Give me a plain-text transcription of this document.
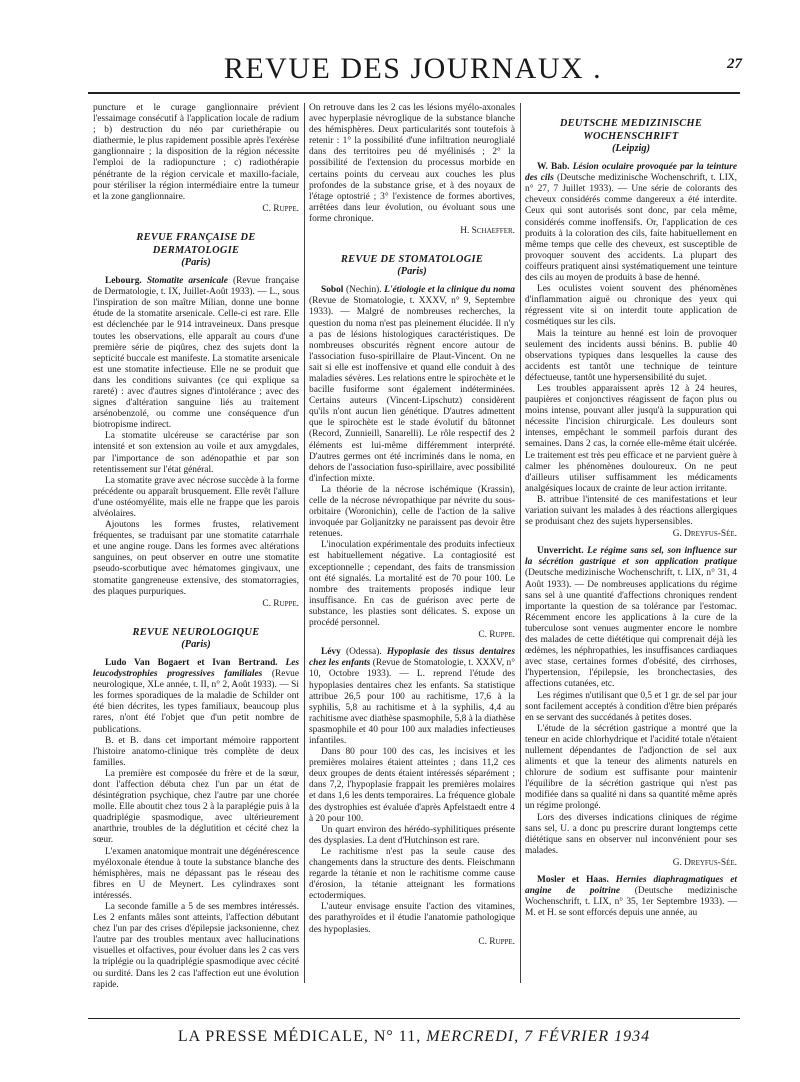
REVUE DES JOURNAUX .	27

puncture et le curage ganglionnaire prévient l'essaimage consécutif à l'application locale de radium ; b) destruction du néo par curiethérapie ou diathermie, le plus rapidement possible après l'exérèse ganglionnaire ; la disposition de la région nécessite l'emploi de la radiopuncture ; c) radiothérapie pénétrante de la région cervicale et maxillo-faciale, pour stériliser la région intermédiaire entre la tumeur et la zone ganglionnaire.

C. Ruppe.
REVUE FRANÇAISE DE DERMATOLOGIE
(Paris)

Lebourg. Stomatite arsenicale (Revue française de Dermatologie, t. IX, Juillet-Août 1933). — L., sous l'inspiration de son maître Milian, donne une bonne étude de la stomatite arsenicale. Celle-ci est rare. Elle est déclenchée par le 914 intraveineux. Dans presque toutes les observations, elle apparaît au cours d'une première série de piqûres, chez des sujets dont la septicité buccale est manifeste. La stomatite arsenicale est une stomatite infectieuse. Elle ne se produit que dans les conditions suivantes (ce qui explique sa rareté) : avec d'autres signes d'intolérance ; avec des signes d'altération sanguine liés au traitement arsénobenzolé, ou comme une conséquence d'un biotropisme indirect.

La stomatite ulcéreuse se caractérise par son intensité et son extension au voile et aux amygdales, par l'importance de son adénopathie et par son retentissement sur l'état général.

La stomatite grave avec nécrose succède à la forme précédente ou apparaît brusquement. Elle revêt l'allure d'une ostéomyélite, mais elle ne frappe que les parois alvéolaires.

Ajoutons les formes frustes, relativement fréquentes, se traduisant par une stomatite catarrhale et une angine rouge. Dans les formes avec altérations sanguines, on peut observer en outre une stomatite pseudo-scorbutique avec hématomes gingivaux, une stomatite gangreneuse extensive, des stomatorragies, des plaques purpuriques.

C. Ruppe.
REVUE NEUROLOGIQUE
(Paris)

Ludo Van Bogaert et Ivan Bertrand. Les leucodystrophies progressives familiales (Revue neurologique, XLe année, t. II, n° 2, Août 1933). — Si les formes sporadiques de la maladie de Schilder ont été bien décrites, les types familiaux, beaucoup plus rares, n'ont été l'objet que d'un petit nombre de publications.

B. et B. dans cet important mémoire rapportent l'histoire anatomo-clinique très complète de deux familles.

La première est composée du frère et de la sœur, dont l'affection débuta chez l'un par un état de désintégration psychique, chez l'autre par une chorée molle. Elle aboutit chez tous 2 à la paraplégie puis à la quadriplégie spasmodique, avec ultérieurement anarthrie, troubles de la déglutition et cécité chez la sœur.

L'examen anatomique montrait une dégénérescence myéloxonale étendue à toute la substance blanche des hémisphères, mais ne dépassant pas le réseau des fibres en U de Meynert. Les cylindraxes sont intéressés.

La seconde famille a 5 de ses membres intéressés. Les 2 enfants mâles sont atteints, l'affection débutant chez l'un par des crises d'épilepsie jacksonienne, chez l'autre par des troubles mentaux avec hallucinations visuelles et olfactives, pour évoluer dans les 2 cas vers la triplégie ou la quadriplégie spasmodique avec cécité ou surdité. Dans les 2 cas l'affection eut une évolution rapide.

On retrouve dans les 2 cas les lésions myélo-axonales avec hyperplasie névroglique de la substance blanche des hémisphères. Deux particularités sont toutefois à retenir : 1° la possibilité d'une infiltration neuroglialé dans des territoires peu dé myélinisés ; 2° la possibilité de l'extension du processus morbide en certains points du cerveau aux couches les plus profondes de la substance grise, et à des noyaux de l'étage optostrié ; 3° l'existence de formes abortives, arrêtées dans leur évolution, ou évoluant sous une forme chronique.

H. Schaeffer.
REVUE DE STOMATOLOGIE
(Paris)

Sobol (Nechin). L'étiologie et la clinique du noma (Revue de Stomatologie, t. XXXV, n° 9, Septembre 1933). — Malgré de nombreuses recherches, la question du noma n'est pas pleinement élucidée. Il n'y a pas de lésions histologiques caractéristiques. De nombreuses obscurités règnent encore autour de l'association fuso-spirillaire de Plaut-Vincent. On ne sait si elle est inoffensive et quand elle conduit à des maladies sévères. Les relations entre le spirochète et le bacille fusiforme sont également indéterminées. Certains auteurs (Vincent-Lipschutz) considèrent qu'ils n'ont aucun lien génétique. D'autres admettent que le spirochète est le stade évolutif du bâtonnet (Record, Zunnieill, Sanarelli). Le rôle respectif des 2 éléments est lui-même différemment interprété. D'autres germes ont été incriminés dans le noma, en dehors de l'association fuso-spirillaire, avec possibilité d'infection mixte.

La théorie de la nécrose ischémique (Krassin), celle de la nécrose névropathique par névrite du sous-orbitaire (Woronichin), celle de l'action de la salive invoquée par Goljanitzky ne paraissent pas devoir être retenues.

L'inoculation expérimentale des produits infectieux est habituellement négative. La contagiosité est exceptionnelle ; cependant, des faits de transmission ont été signalés. La mortalité est de 70 pour 100. Le nombre des traitements proposés indique leur insuffisance. En cas de guérison avec perte de substance, les plasties sont délicates. S. expose un procédé personnel.

C. Ruppe.

Lévy (Odessa). Hypoplasie des tissus dentaires chez les enfants (Revue de Stomatologie, t. XXXV, n° 10, Octobre 1933). — L. reprend l'étude des hypoplasies dentaires chez les enfants. Sa statistique attribue 26,5 pour 100 au rachitisme, 17,6 à la syphilis, 5,8 au rachitisme et à la syphilis, 4,4 au rachitisme avec diathèse spasmophile, 5,8 à la diathèse spasmophile et 40 pour 100 aux maladies infectieuses infantiles.

Dans 80 pour 100 des cas, les incisives et les premières molaires étaient atteintes ; dans 11,2 ces deux groupes de dents étaient intéressés séparément ; dans 7,2, l'hypoplasie frappait les premières molaires et dans 1,6 les dents temporaires. La fréquence globale des dystrophies est évaluée d'après Apfelstaedt entre 4 à 20 pour 100.

Un quart environ des hérédo-syphilitiques présente des dysplasies. La dent d'Hutchinson est rare.

Le rachitisme n'est pas la seule cause des changements dans la structure des dents. Fleischmann regarde la tétanie et non le rachitisme comme cause d'érosion, la tétanie atteignant les formations ectodermiques.

L'auteur envisage ensuite l'action des vitamines, des parathyroïdes et il étudie l'anatomie pathologique des hypoplasies.

C. Ruppe.
DEUTSCHE MEDIZINISCHE WOCHENSCHRIFT
(Leipzig)

W. Bab. Lésion oculaire provoquée par la teinture des cils (Deutsche medizinische Wochenschrift, t. LIX, n° 27, 7 Juillet 1933). — Une série de colorants des cheveux considérés comme dangereux a été interdite. Ceux qui sont autorisés sont donc, par cela même, considérés comme inoffensifs. Or, l'application de ces produits à la coloration des cils, faite habituellement en même temps que celle des cheveux, est susceptible de provoquer souvent des accidents. La plupart des coiffeurs pratiquent ainsi systématiquement une teinture des cils au moyen de produits à base de henné.

Les oculistes voient souvent des phénomènes d'inflammation aiguë ou chronique des yeux qui régressent vite si on interdit toute application de cosmétiques sur les cils.

Mais la teinture au henné est loin de provoquer seulement des incidents aussi bénins. B. publie 40 observations typiques dans lesquelles la cause des accidents est tantôt une technique de teinture défectueuse, tantôt une hypersensibilité du sujet.

Les troubles apparaissent après 12 à 24 heures, paupières et conjonctives réagissent de façon plus ou moins intense, pouvant aller jusqu'à la suppuration qui nécessite l'incision chirurgicale. Les douleurs sont intenses, empêchant le sommeil parfois durant des semaines. Dans 2 cas, la cornée elle-même était ulcérée. Le traitement est très peu efficace et ne parvient guère à calmer les phénomènes douloureux. On ne peut d'ailleurs utiliser suffisamment les médicaments analgésiques locaux de crainte de leur action irritante.

B. attribue l'intensité de ces manifestations et leur variation suivant les malades à des réactions allergiques se produisant chez des sujets hypersensibles.

G. Dreyfus-Sée.

Unverricht. Le régime sans sel, son influence sur la sécrétion gastrique et son application pratique (Deutsche medizinische Wochenschrift, t. LIX, n° 31, 4 Août 1933). — De nombreuses applications du régime sans sel à une quantité d'affections chroniques rendent importante la question de sa tolérance par l'estomac. Récemment encore les applications à la cure de la tuberculose sont venues augmenter encore le nombre des malades de cette diététique qui comprenait déjà les œdèmes, les néphropathies, les insuffisances cardiaques avec stase, certaines formes d'obésité, des cirrhoses, l'hypertension, l'épilepsie, les bronchectasies, des affections cutanées, etc.

Les régimes n'utilisant que 0,5 et 1 gr. de sel par jour sont facilement acceptés à condition d'être bien préparés en se servant des succédanés à petites doses.

L'étude de la sécrétion gastrique a montré que la teneur en acide chlorhydrique et l'acidité totale n'étaient nullement dépendantes de l'adjonction de sel aux aliments et que la teneur des aliments naturels en chlorure de sodium est suffisante pour maintenir l'équilibre de la sécrétion gastrique qui n'est pas modifiée dans sa qualité ni dans sa quantité même après un régime prolongé.

Lors des diverses indications cliniques de régime sans sel, U. a donc pu prescrire durant longtemps cette diététique sans en observer nul inconvénient pour ses malades.

G. Dreyfus-Sée.

Mosler et Haas. Hernies diaphragmatiques et angine de poitrine (Deutsche medizinische Wochenschrift, t. LIX, n° 35, 1er Septembre 1933). — M. et H. se sont efforcés depuis une année, au

LA PRESSE MÉDICALE, N° 11, MERCREDI, 7 FÉVRIER 1934
